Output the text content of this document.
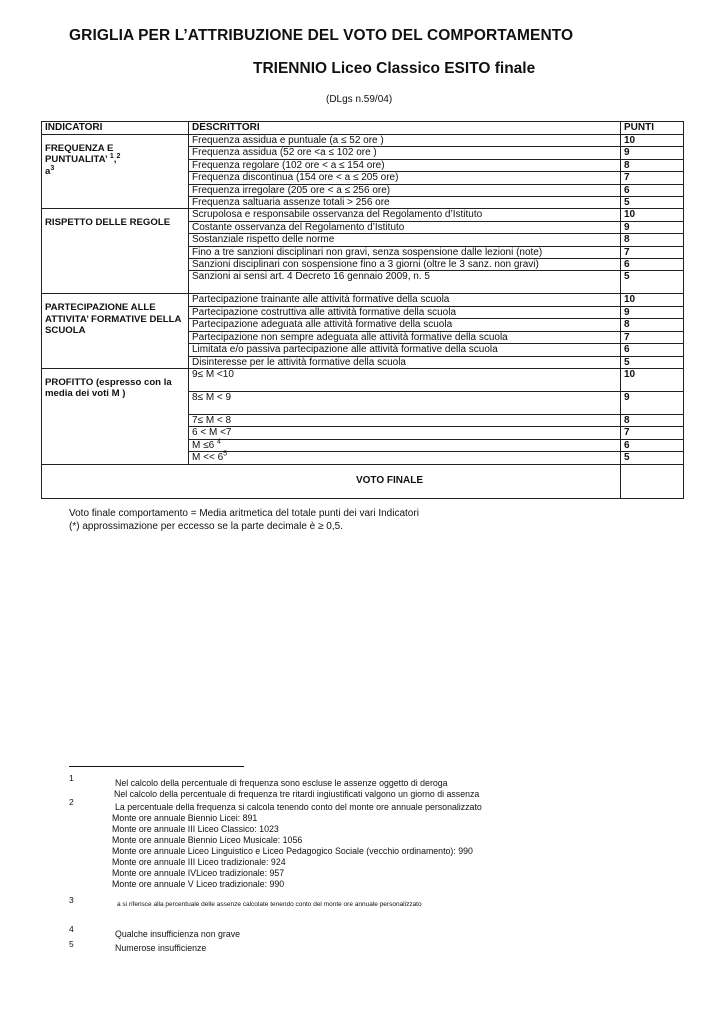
GRIGLIA PER L’ATTRIBUZIONE DEL VOTO DEL COMPORTAMENTO
TRIENNIO Liceo Classico ESITO finale
(DLgs n.59/04)
INDICATORI	DESCRITTORI	PUNTI
FREQUENZA E
PUNTUALITA’ $^1$,$^2$
$a^3$	Frequenza assidua e puntuale (a ≤ 52 ore )	10
	Frequenza assidua (52 ore <a ≤ 102 ore )	9
	Frequenza regolare (102 ore < a ≤ 154 ore)	8
	Frequenza discontinua (154 ore < a ≤ 205 ore)	7
	Frequenza irregolare (205 ore < a ≤ 256 ore)	6
	Frequenza saltuaria assenze totali > 256 ore	5
RISPETTO DELLE REGOLE	Scrupolosa e responsabile osservanza del Regolamento d’Istituto	10
	Costante osservanza del Regolamento d’Istituto	9
	Sostanziale rispetto delle norme	8
	Fino a tre sanzioni disciplinari non gravi, senza sospensione dalle lezioni (note)	7
	Sanzioni disciplinari con sospensione fino a 3 giorni (oltre le 3 sanz. non gravi)	6
	Sanzioni ai sensi art. 4 Decreto 16 gennaio 2009, n. 5	5
PARTECIPAZIONE ALLE ATTIVITA’ FORMATIVE DELLA SCUOLA	Partecipazione trainante alle attività formative della scuola	10
	Partecipazione costruttiva alle attività formative della scuola	9
	Partecipazione adeguata alle attività formative della scuola	8
	Partecipazione non sempre adeguata alle attività formative della scuola	7
	Limitata e/o passiva partecipazione alle attività formative della scuola	6
	Disinteresse per le attività formative della scuola	5
PROFITTO (espresso con la media dei voti M )	9≤ M <10	10
	8≤ M < 9	9
	7≤ M < 8	8
	6 < M <7	7
	M ≤6 $^4$	6
	$M << 6^5$	5
VOTO FINALE		
Voto finale comportamento = Media aritmetica del totale punti dei vari Indicatori
(*) approssimazione per eccesso se la parte decimale è ≥ 0,5.
1	Nel calcolo della percentuale di frequenza sono escluse le assenze oggetto di deroga
Nel calcolo della percentuale di frequenza tre ritardi ingiustificati valgono un giorno di assenza
2	La percentuale della frequenza si calcola tenendo conto del monte ore annuale personalizzato
Monte ore annuale Biennio Licei: 891
Monte ore annuale III Liceo Classico: 1023
Monte ore annuale Biennio Liceo Musicale: 1056
Monte ore annuale Liceo Linguistico e Liceo Pedagogico Sociale (vecchio ordinamento): 990
Monte ore annuale III Liceo tradizionale: 924
Monte ore annuale IVLiceo tradizionale: 957
Monte ore annuale V Liceo tradizionale: 990
3	a si riferisce alla percentuale delle assenze calcolate tenendo conto del monte ore annuale personalizzato
4	Qualche insufficienza non grave
5	Numerose insufficienze
